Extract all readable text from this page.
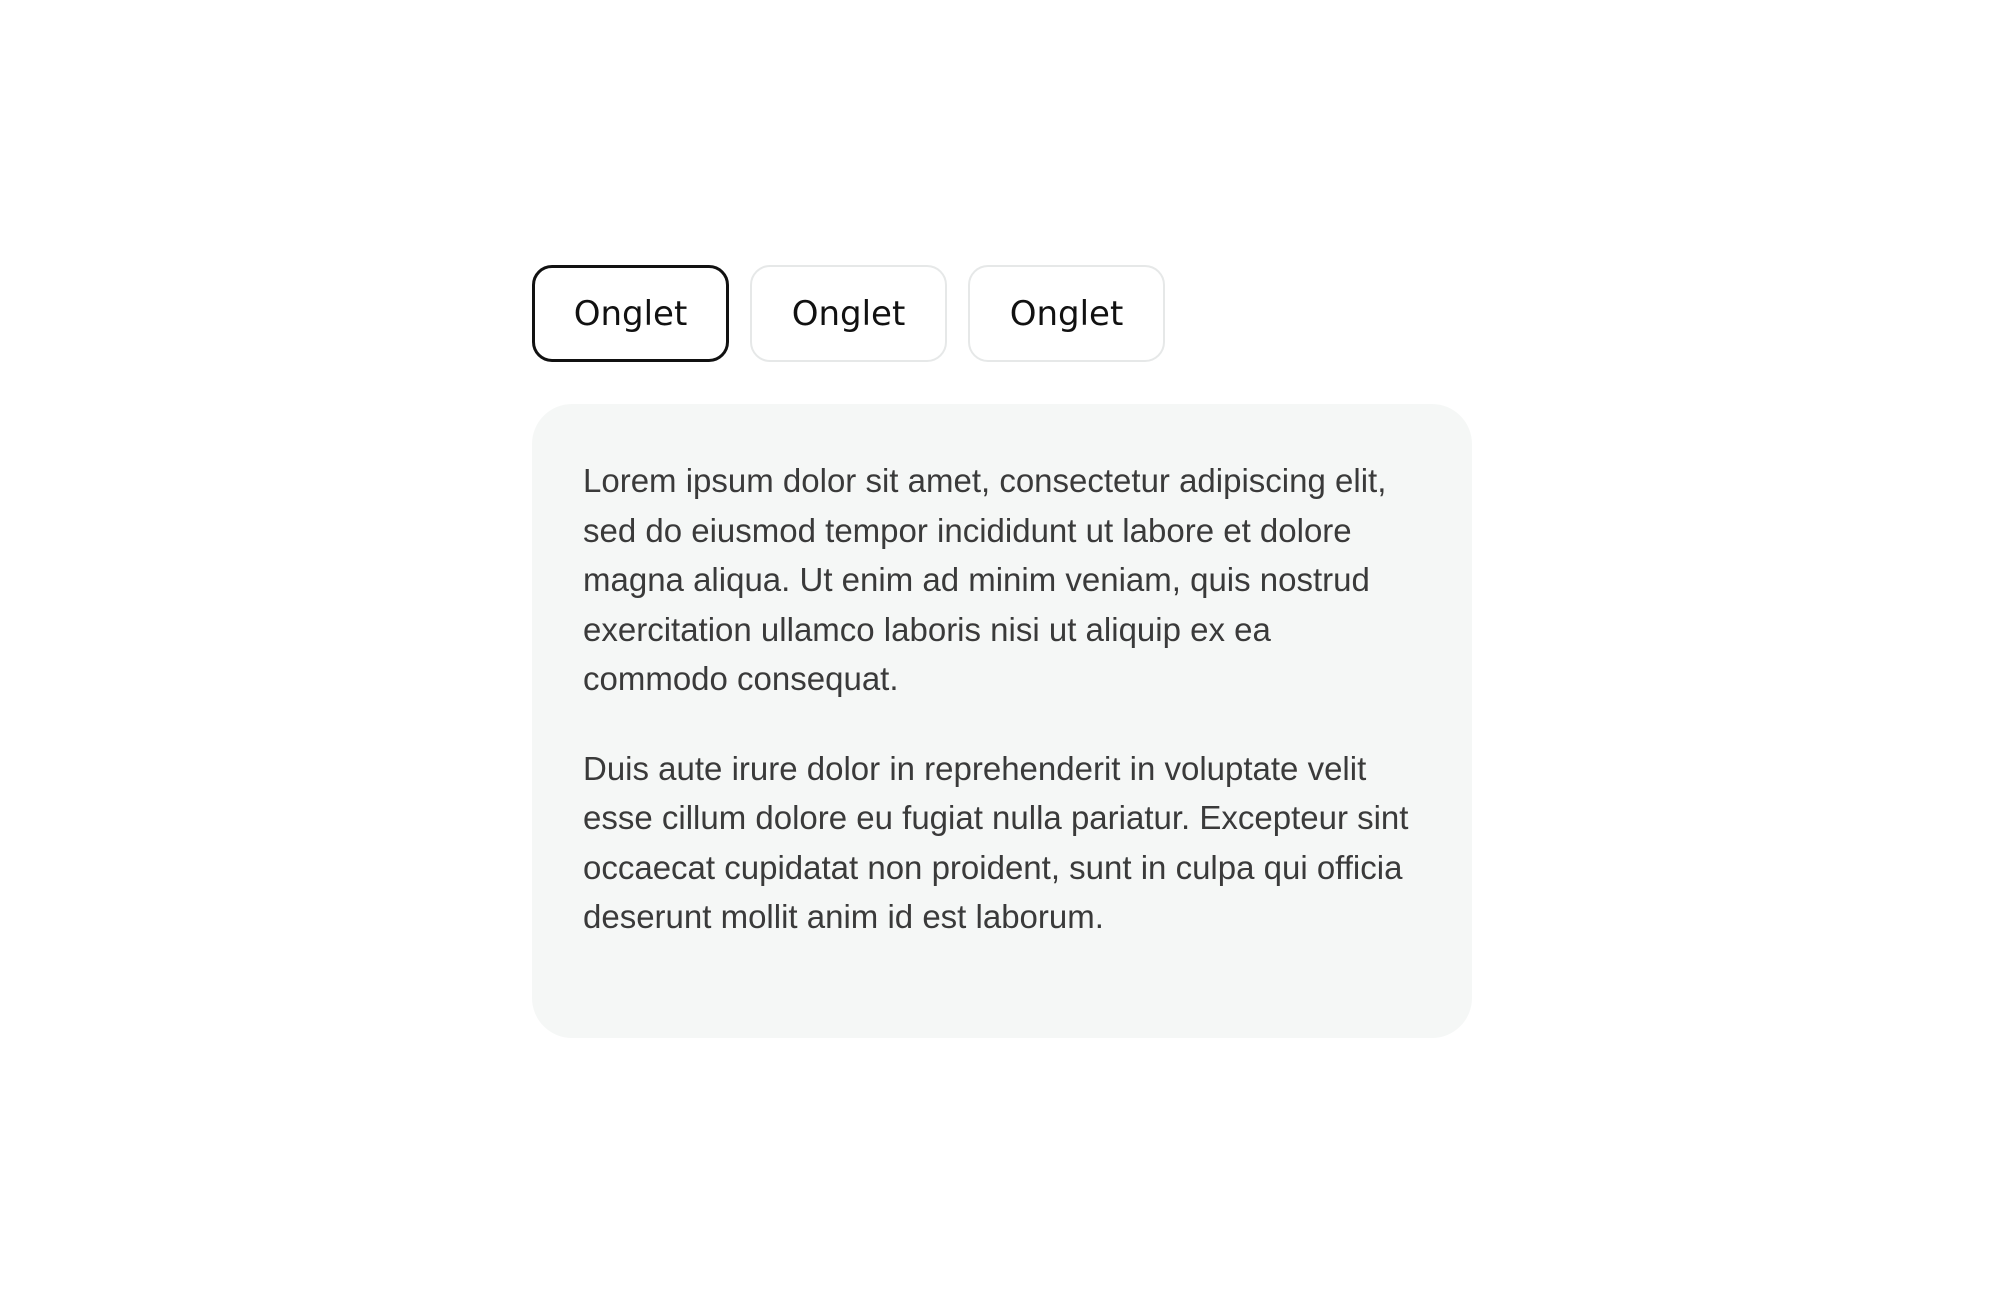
Onglet	Onglet	Onglet

Lorem ipsum dolor sit amet, consectetur adipiscing elit, sed do eiusmod tempor incididunt ut labore et dolore magna aliqua. Ut enim ad minim veniam, quis nostrud exercitation ullamco laboris nisi ut aliquip ex ea commodo consequat.

Duis aute irure dolor in reprehenderit in voluptate velit esse cillum dolore eu fugiat nulla pariatur. Excepteur sint occaecat cupidatat non proident, sunt in culpa qui officia deserunt mollit anim id est laborum.
